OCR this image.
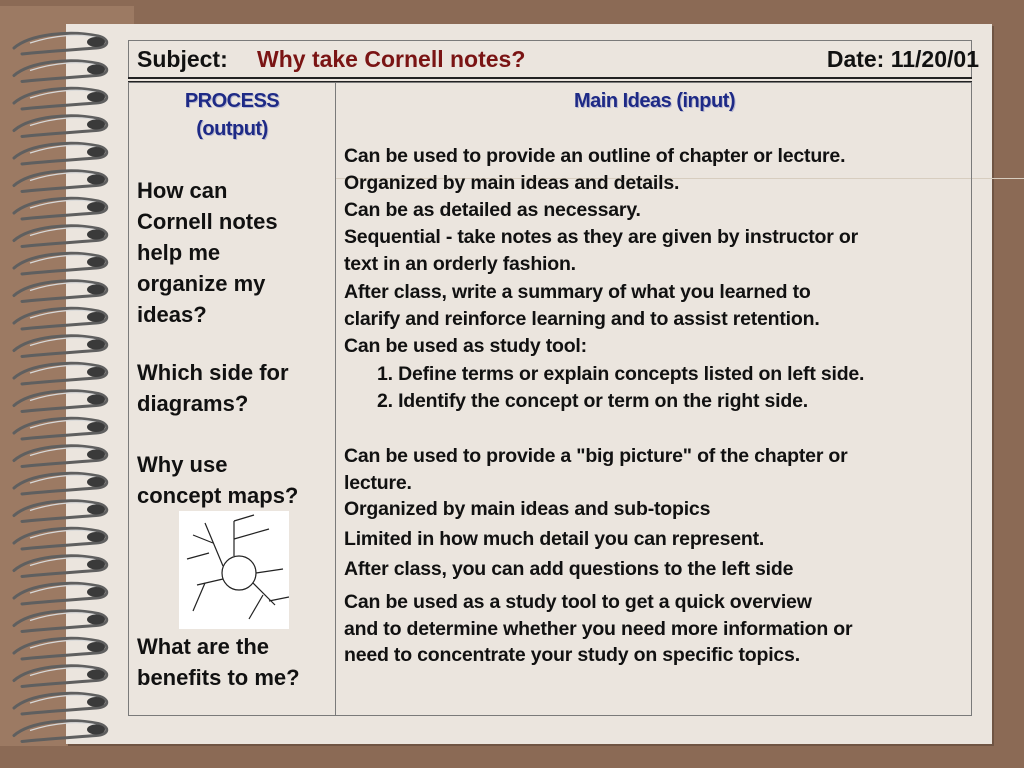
Subject: Why take Cornell notes?	Date: 11/20/01
PROCESS
(output)
How can
Cornell notes
help me
organize my
ideas?
Which side for
diagrams?
Why use
concept maps?
What are the
benefits to me?
Main Ideas (input)
Can be used to provide an outline of chapter or lecture.
Organized by main ideas and details.
Can be as detailed as necessary.
Sequential - take notes as they are given by instructor or
text in an orderly fashion.
After class, write a summary of what you learned to
clarify and reinforce learning and to assist retention.
Can be used as study tool:
1. Define terms or explain concepts listed on left side.
2. Identify the concept or term on the right side.
Can be used to provide a "big picture" of the chapter or
lecture.
Organized by main ideas and sub-topics
Limited in how much detail you can represent.
After class, you can add questions to the left side
Can be used as a study tool to get a quick overview
and to determine whether you need more information or
need to concentrate your study on specific topics.
